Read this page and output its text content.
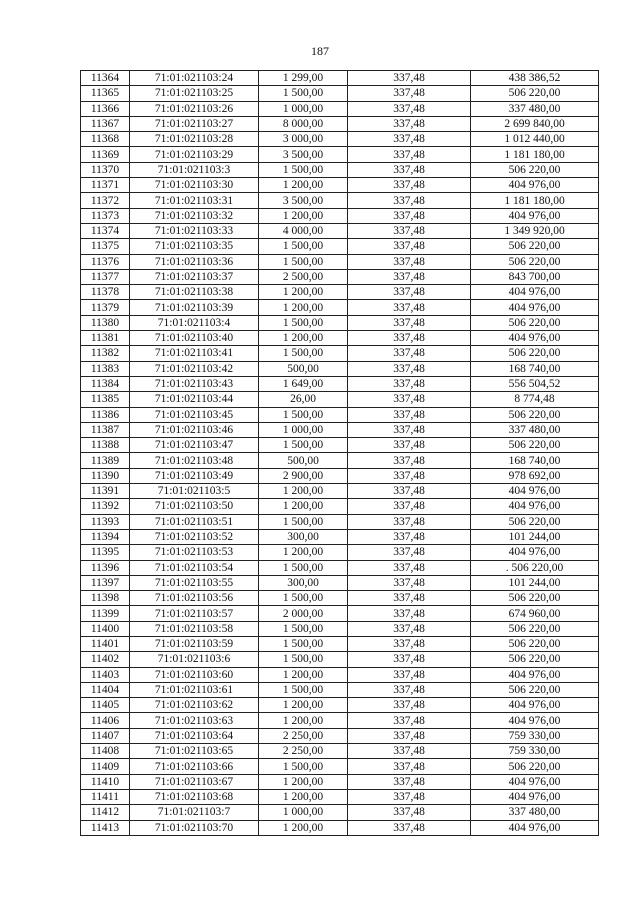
187
11364	71:01:021103:24	1 299,00	337,48	438 386,52
11365	71:01:021103:25	1 500,00	337,48	506 220,00
11366	71:01:021103:26	1 000,00	337,48	337 480,00
11367	71:01:021103:27	8 000,00	337,48	2 699 840,00
11368	71:01:021103:28	3 000,00	337,48	1 012 440,00
11369	71:01:021103:29	3 500,00	337,48	1 181 180,00
11370	71:01:021103:3	1 500,00	337,48	506 220,00
11371	71:01:021103:30	1 200,00	337,48	404 976,00
11372	71:01:021103:31	3 500,00	337,48	1 181 180,00
11373	71:01:021103:32	1 200,00	337,48	404 976,00
11374	71:01:021103:33	4 000,00	337,48	1 349 920,00
11375	71:01:021103:35	1 500,00	337,48	506 220,00
11376	71:01:021103:36	1 500,00	337,48	506 220,00
11377	71:01:021103:37	2 500,00	337,48	843 700,00
11378	71:01:021103:38	1 200,00	337,48	404 976,00
11379	71:01:021103:39	1 200,00	337,48	404 976,00
11380	71:01:021103:4	1 500,00	337,48	506 220,00
11381	71:01:021103:40	1 200,00	337,48	404 976,00
11382	71:01:021103:41	1 500,00	337,48	506 220,00
11383	71:01:021103:42	500,00	337,48	168 740,00
11384	71:01:021103:43	1 649,00	337,48	556 504,52
11385	71:01:021103:44	26,00	337,48	8 774,48
11386	71:01:021103:45	1 500,00	337,48	506 220,00
11387	71:01:021103:46	1 000,00	337,48	337 480,00
11388	71:01:021103:47	1 500,00	337,48	506 220,00
11389	71:01:021103:48	500,00	337,48	168 740,00
11390	71:01:021103:49	2 900,00	337,48	978 692,00
11391	71:01:021103:5	1 200,00	337,48	404 976,00
11392	71:01:021103:50	1 200,00	337,48	404 976,00
11393	71:01:021103:51	1 500,00	337,48	506 220,00
11394	71:01:021103:52	300,00	337,48	101 244,00
11395	71:01:021103:53	1 200,00	337,48	404 976,00
11396	71:01:021103:54	1 500,00	337,48	. 506 220,00
11397	71:01:021103:55	300,00	337,48	101 244,00
11398	71:01:021103:56	1 500,00	337,48	506 220,00
11399	71:01:021103:57	2 000,00	337,48	674 960,00
11400	71:01:021103:58	1 500,00	337,48	506 220,00
11401	71:01:021103:59	1 500,00	337,48	506 220,00
11402	71:01:021103:6	1 500,00	337,48	506 220,00
11403	71:01:021103:60	1 200,00	337,48	404 976,00
11404	71:01:021103:61	1 500,00	337,48	506 220,00
11405	71:01:021103:62	1 200,00	337,48	404 976,00
11406	71:01:021103:63	1 200,00	337,48	404 976,00
11407	71:01:021103:64	2 250,00	337,48	759 330,00
11408	71:01:021103:65	2 250,00	337,48	759 330,00
11409	71:01:021103:66	1 500,00	337,48	506 220,00
11410	71:01:021103:67	1 200,00	337,48	404 976,00
11411	71:01:021103:68	1 200,00	337,48	404 976,00
11412	71:01:021103:7	1 000,00	337,48	337 480,00
11413	71:01:021103:70	1 200,00	337,48	404 976,00
